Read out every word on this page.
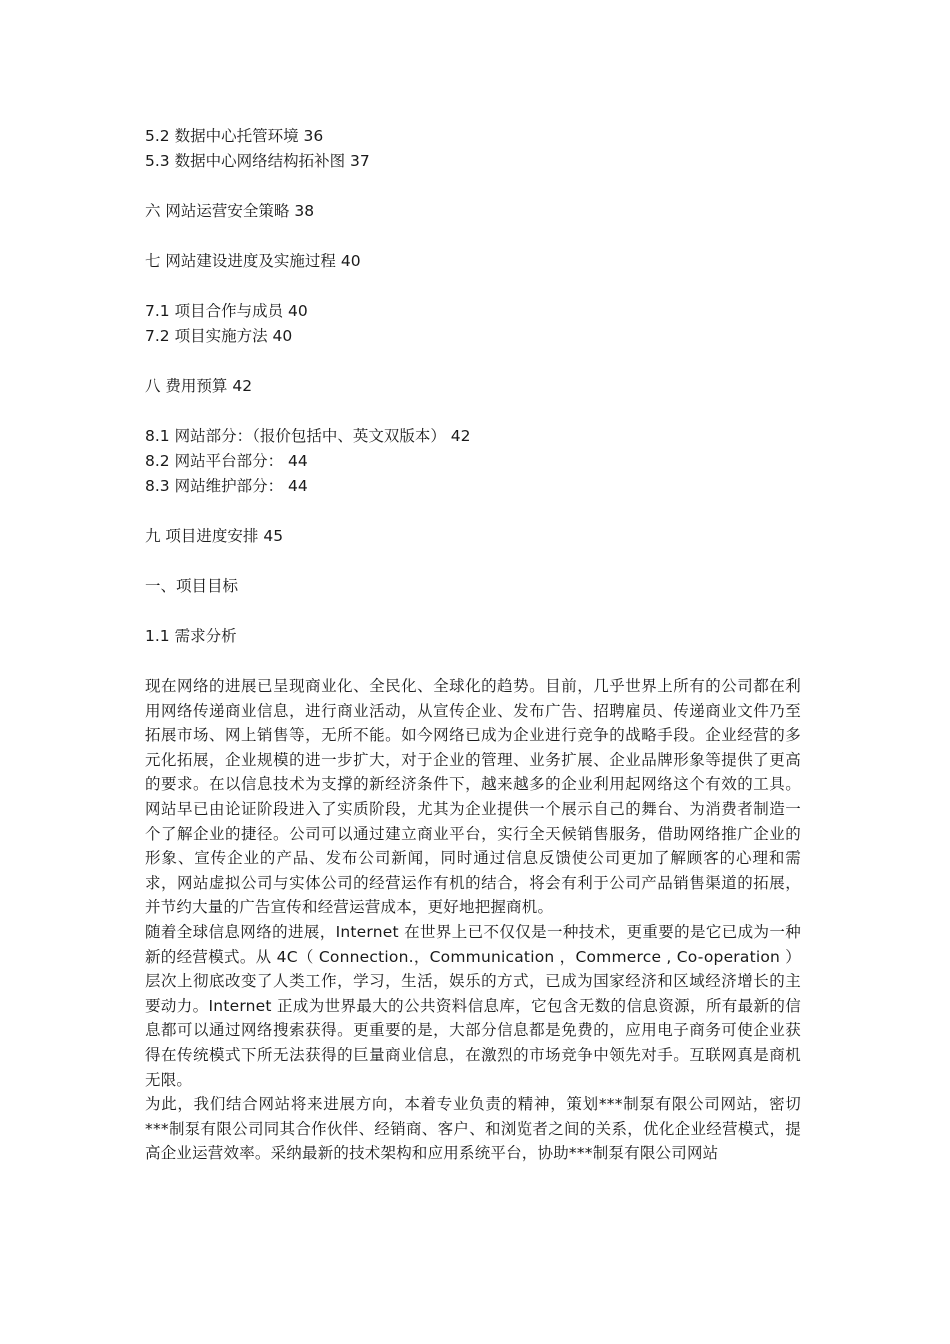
5.2 数据中心托管环境 36
5.3 数据中心网络结构拓补图 37
六 网站运营安全策略 38
七 网站建设进度及实施过程 40
7.1 项目合作与成员 40
7.2 项目实施方法 40
八 费用预算 42
8.1 网站部分：（报价包括中、英文双版本） 42
8.2 网站平台部分： 44
8.3 网站维护部分： 44
九 项目进度安排 45
一、项目目标
1.1 需求分析

现在网络的进展已呈现商业化、全民化、全球化的趋势。目前，几乎世界上所有的公司都在利用网络传递商业信息，进行商业活动，从宣传企业、发布广告、招聘雇员、传递商业文件乃至拓展市场、网上销售等，无所不能。如今网络已成为企业进行竞争的战略手段。企业经营的多元化拓展，企业规模的进一步扩大，对于企业的管理、业务扩展、企业品牌形象等提供了更高的要求。在以信息技术为支撑的新经济条件下，越来越多的企业利用起网络这个有效的工具。网站早已由论证阶段进入了实质阶段，尤其为企业提供一个展示自己的舞台、为消费者制造一个了解企业的捷径。公司可以通过建立商业平台，实行全天候销售服务，借助网络推广企业的形象、宣传企业的产品、发布公司新闻，同时通过信息反馈使公司更加了解顾客的心理和需求，网站虚拟公司与实体公司的经营运作有机的结合，将会有利于公司产品销售渠道的拓展，并节约大量的广告宣传和经营运营成本，更好地把握商机。

随着全球信息网络的进展，Internet 在世界上已不仅仅是一种技术，更重要的是它已成为一种新的经营模式。从 4C（ Connection.，Communication ，Commerce , Co-operation ）层次上彻底改变了人类工作，学习，生活，娱乐的方式，已成为国家经济和区域经济增长的主要动力。Internet 正成为世界最大的公共资料信息库，它包含无数的信息资源，所有最新的信息都可以通过网络搜索获得。更重要的是，大部分信息都是免费的，应用电子商务可使企业获得在传统模式下所无法获得的巨量商业信息，在激烈的市场竞争中领先对手。互联网真是商机无限。

为此，我们结合网站将来进展方向，本着专业负责的精神，策划***制泵有限公司网站，密切***制泵有限公司同其合作伙伴、经销商、客户、和浏览者之间的关系，优化企业经营模式，提高企业运营效率。采纳最新的技术架构和应用系统平台，协助***制泵有限公司网站
